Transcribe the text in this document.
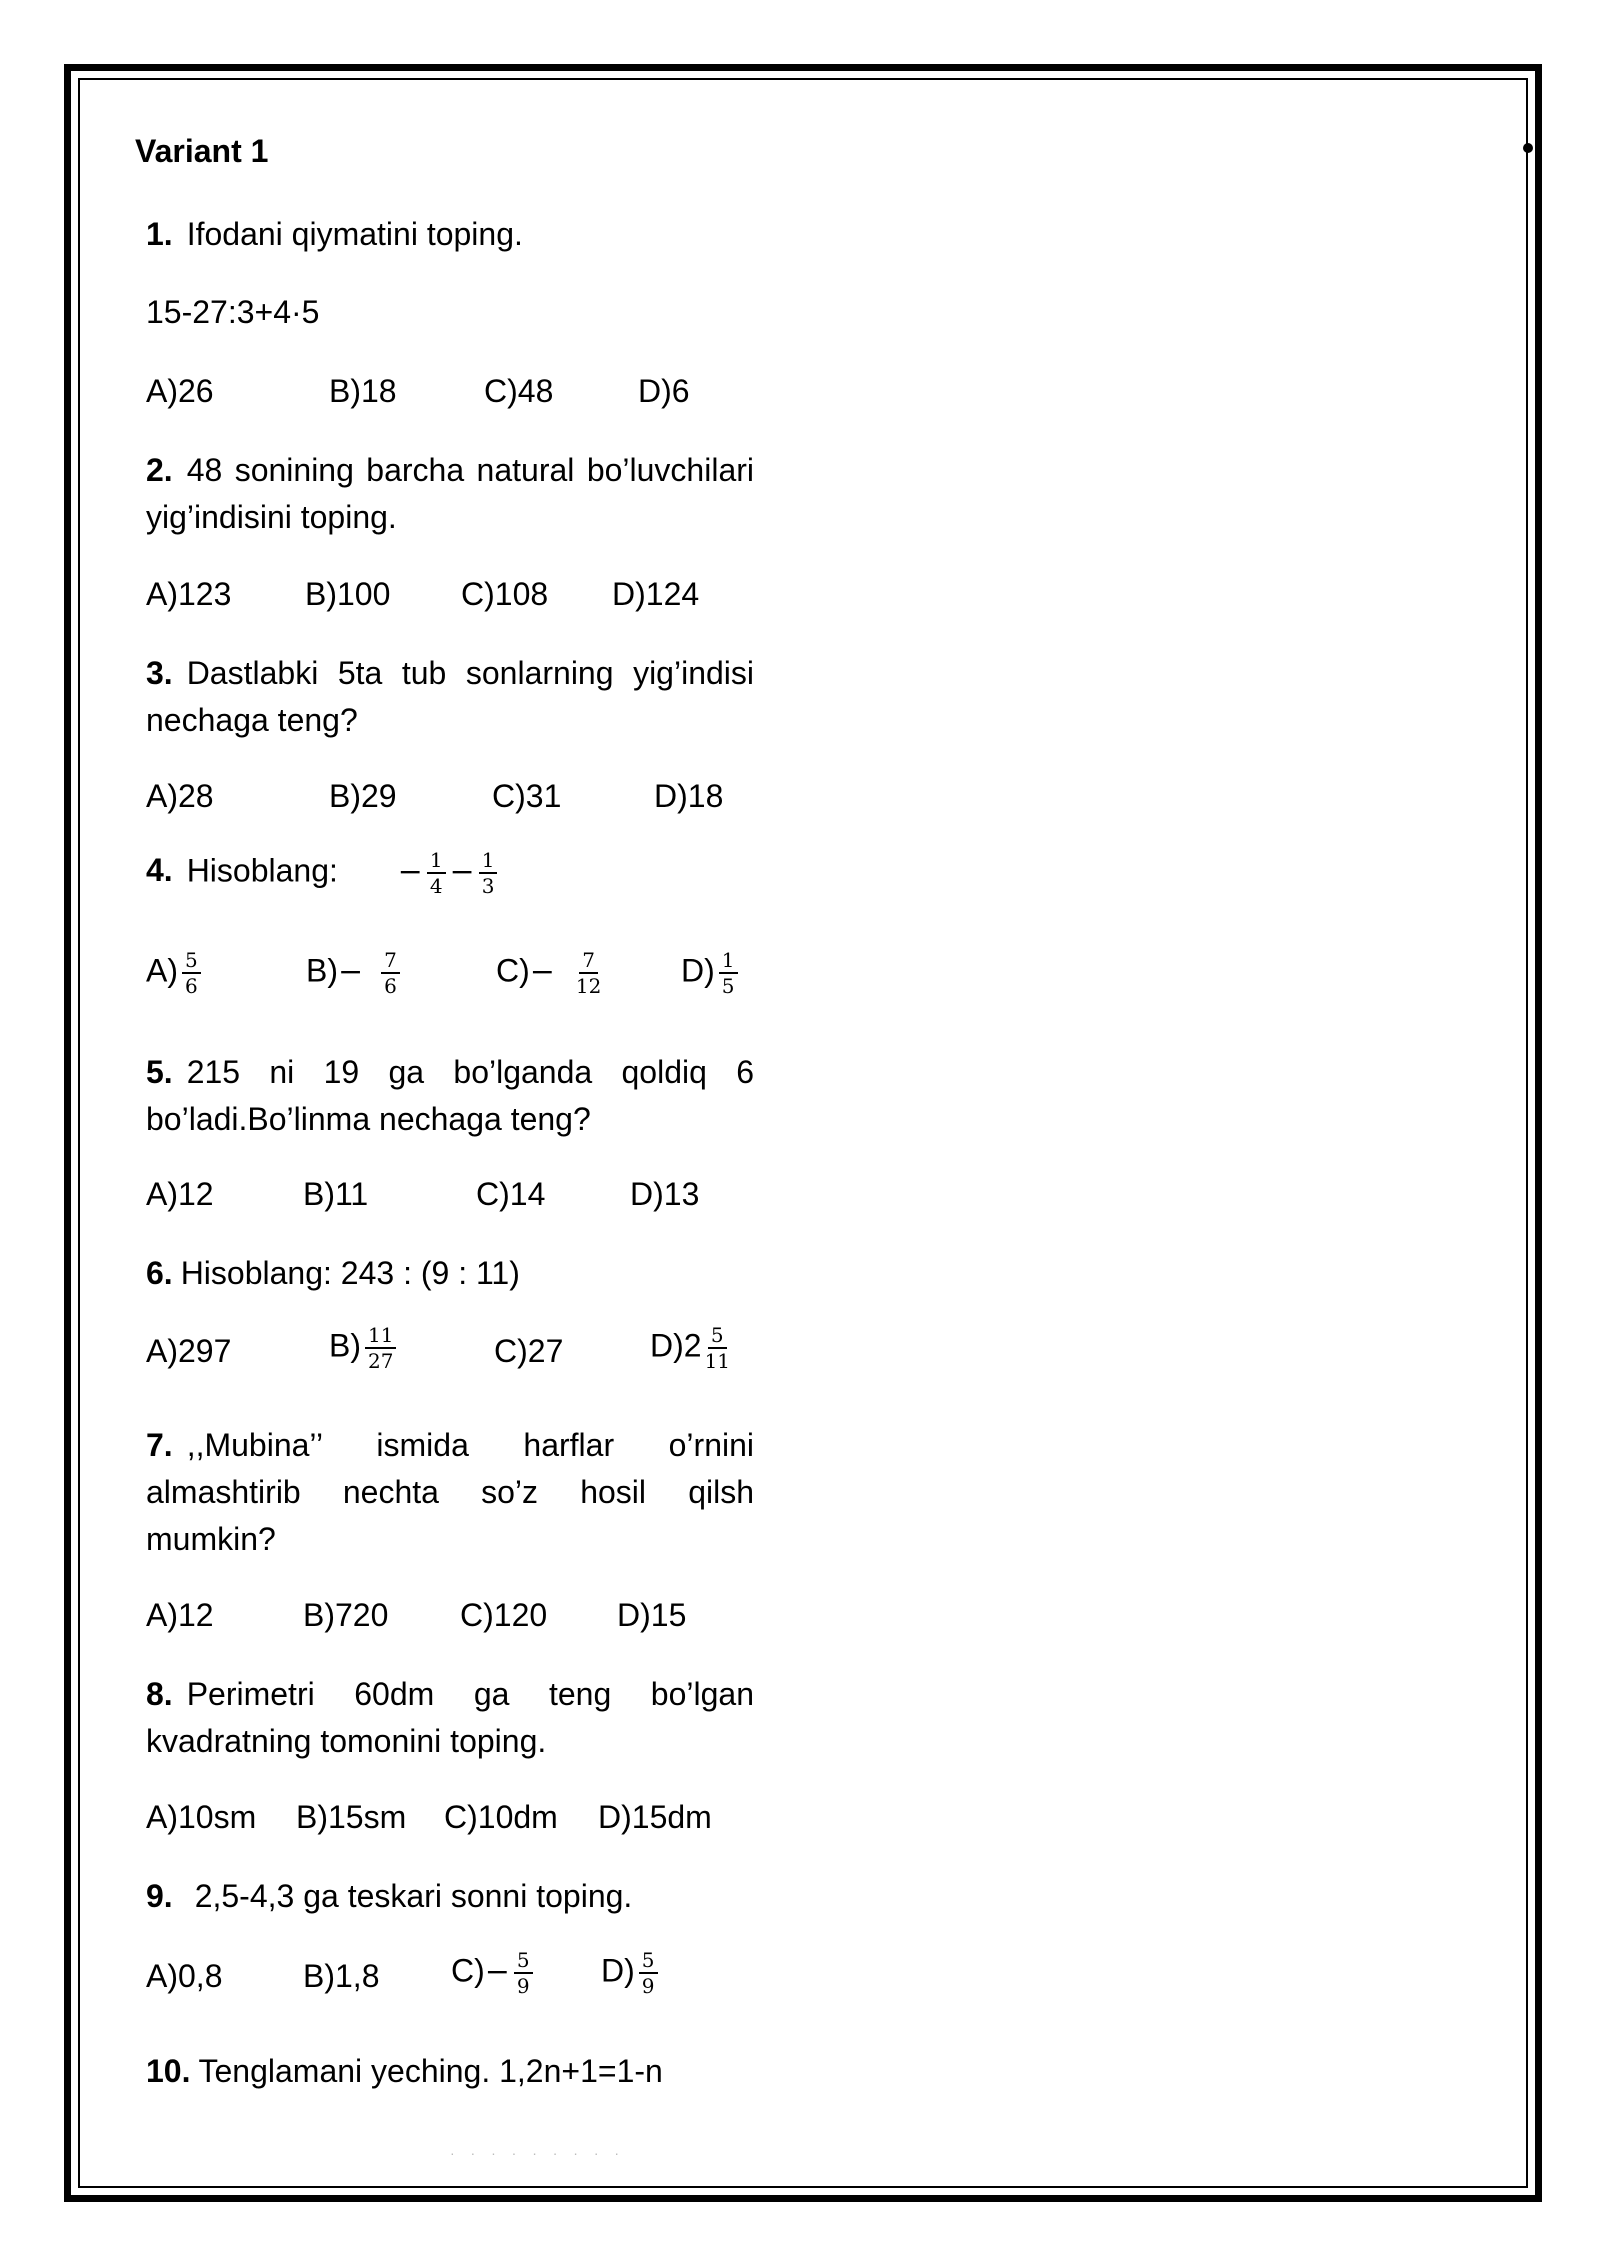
Variant 1
1. Ifodani qiymatini toping.
15-27:3+4·5
A)26	B)18	C)48	D)6
2. 48 sonining barcha natural bo’luvchilari yig’indisini toping.
A)123 B)100 C)108 D)124
3. Dastlabki 5ta tub sonlarning yig’indisi nechaga teng?
A)28	B)29	C)31	D)18
4. Hisoblang: − $\frac{1}{4} - \frac{1}{3}$
$A) \frac{5}{6}$	$B)- \frac{7}{6}$	$C)- \frac{7}{12} D) \frac{1}{5}$
5. 215 ni 19 ga bo’lganda qoldiq 6 bo’ladi.Bo’linma nechaga teng?
A)12	B)11	C)14	D)13
6. Hisoblang: 243 : (9 : 11)
A)297	$B) \frac{11}{27}$	C)27	$D)2 \frac{5}{11}$
7. ,,Mubina’’ ismida harflar o’rnini almashtirib nechta so’z hosil qilsh mumkin?
A)12	B)720 C)120 D)15
8. Perimetri 60dm ga teng bo’lgan kvadratning tomonini toping.
A)10sm B)15sm C)10dm D)15dm
9. 2,5-4,3 ga teskari sonni toping.
A)0,8	B)1,8 $C)- \frac{5}{9} D) \frac{5}{9}$
10. Tenglamani yeching. 1,2n+1=1-n
· · · · · · · · ·
